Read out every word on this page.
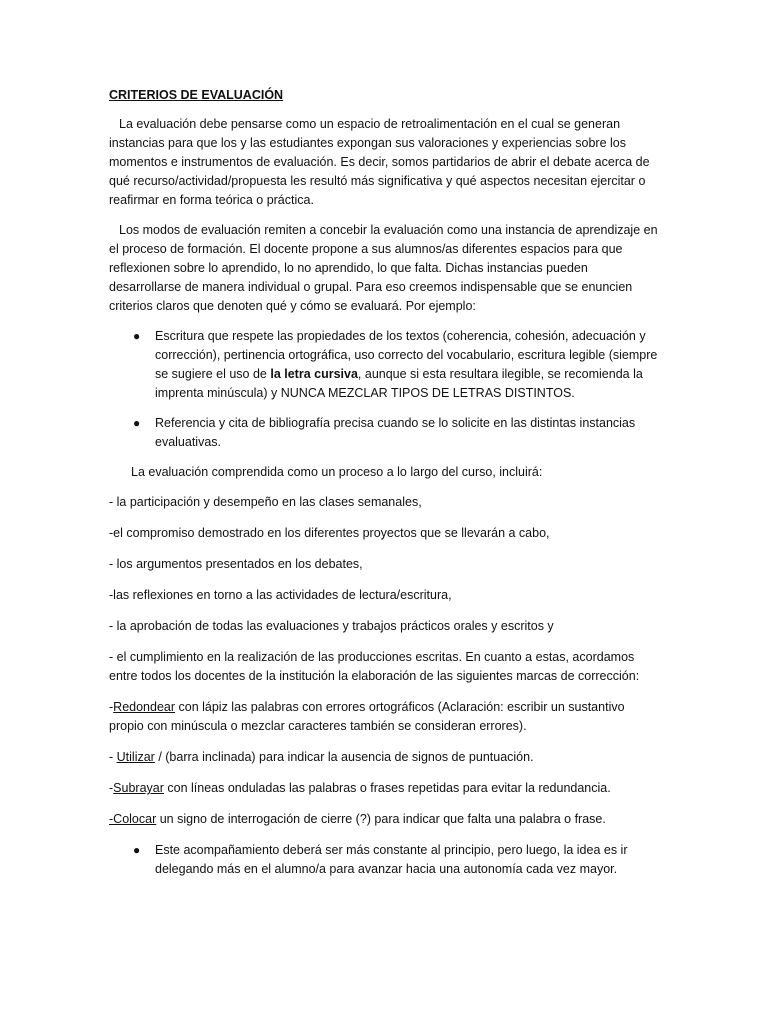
CRITERIOS DE EVALUACIÓN

La evaluación debe pensarse como un espacio de retroalimentación en el cual se generan instancias para que los y las estudiantes expongan sus valoraciones y experiencias sobre los momentos e instrumentos de evaluación. Es decir, somos partidarios de abrir el debate acerca de qué recurso/actividad/propuesta les resultó más significativa y qué aspectos necesitan ejercitar o reafirmar en forma teórica o práctica.

Los modos de evaluación remiten a concebir la evaluación como una instancia de aprendizaje en el proceso de formación. El docente propone a sus alumnos/as diferentes espacios para que reflexionen sobre lo aprendido, lo no aprendido, lo que falta. Dichas instancias pueden desarrollarse de manera individual o grupal. Para eso creemos indispensable que se enuncien criterios claros que denoten qué y cómo se evaluará. Por ejemplo:

● Escritura que respete las propiedades de los textos (coherencia, cohesión, adecuación y corrección), pertinencia ortográfica, uso correcto del vocabulario, escritura legible (siempre se sugiere el uso de la letra cursiva, aunque si esta resultara ilegible, se recomienda la imprenta minúscula) y NUNCA MEZCLAR TIPOS DE LETRAS DISTINTOS.
● Referencia y cita de bibliografía precisa cuando se lo solicite en las distintas instancias evaluativas.

La evaluación comprendida como un proceso a lo largo del curso, incluirá:

- la participación y desempeño en las clases semanales,

-el compromiso demostrado en los diferentes proyectos que se llevarán a cabo,

- los argumentos presentados en los debates,

-las reflexiones en torno a las actividades de lectura/escritura,

- la aprobación de todas las evaluaciones y trabajos prácticos orales y escritos y

- el cumplimiento en la realización de las producciones escritas. En cuanto a estas, acordamos entre todos los docentes de la institución la elaboración de las siguientes marcas de corrección:

-Redondear con lápiz las palabras con errores ortográficos (Aclaración: escribir un sustantivo propio con minúscula o mezclar caracteres también se consideran errores).

- Utilizar / (barra inclinada) para indicar la ausencia de signos de puntuación.

-Subrayar con líneas onduladas las palabras o frases repetidas para evitar la redundancia.

-Colocar un signo de interrogación de cierre (?) para indicar que falta una palabra o frase.

● Este acompañamiento deberá ser más constante al principio, pero luego, la idea es ir delegando más en el alumno/a para avanzar hacia una autonomía cada vez mayor.
